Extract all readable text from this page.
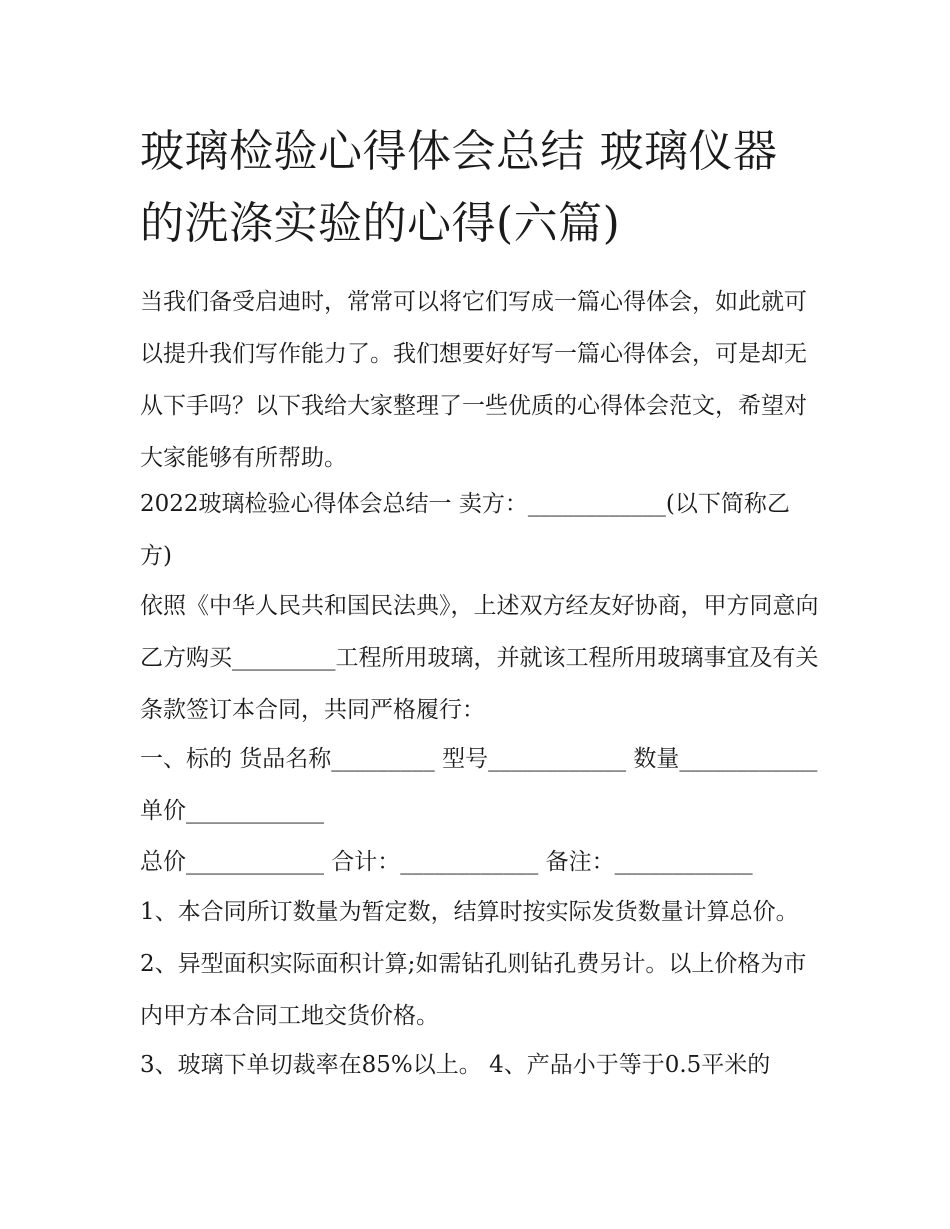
玻璃检验心得体会总结 玻璃仪器的洗涤实验的心得(六篇)

当我们备受启迪时，常常可以将它们写成一篇心得体会，如此就可以提升我们写作能力了。我们想要好好写一篇心得体会，可是却无从下手吗？以下我给大家整理了一些优质的心得体会范文，希望对大家能够有所帮助。

2022玻璃检验心得体会总结一 卖方：____________(以下简称乙方)

依照《中华人民共和国民法典》，上述双方经友好协商，甲方同意向乙方购买_________工程所用玻璃，并就该工程所用玻璃事宜及有关条款签订本合同，共同严格履行：

一、标的 货品名称_________ 型号____________ 数量____________ 单价____________

总价____________ 合计：____________ 备注：____________

1、本合同所订数量为暂定数，结算时按实际发货数量计算总价。 2、异型面积实际面积计算;如需钻孔则钻孔费另计。以上价格为市内甲方本合同工地交货价格。

3、玻璃下单切裁率在85%以上。 4、产品小于等于0.5平米的
